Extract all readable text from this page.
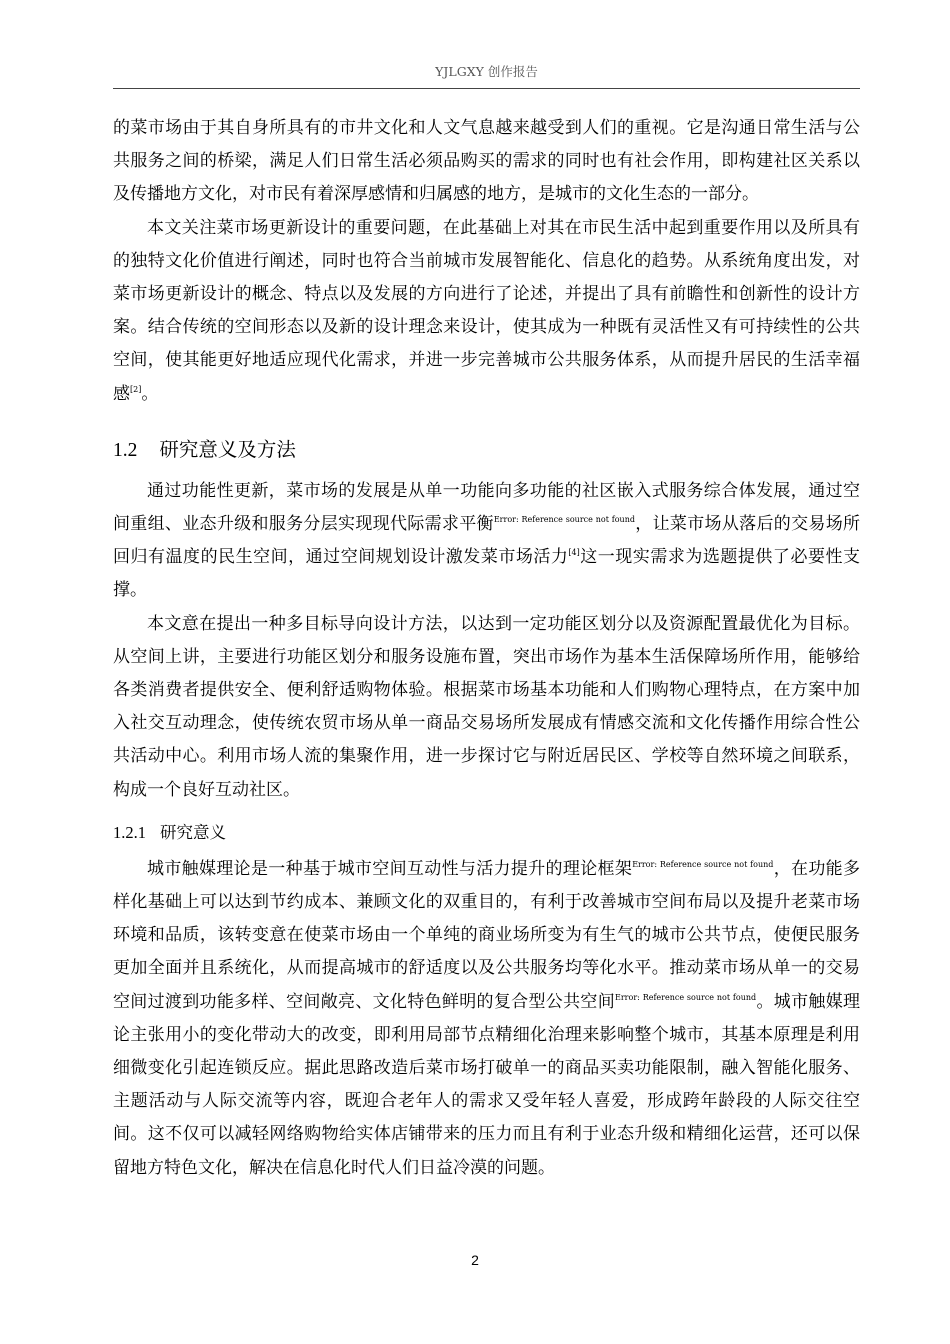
YJLGXY 创作报告

的菜市场由于其自身所具有的市井文化和人文气息越来越受到人们的重视。它是沟通日常生活与公共服务之间的桥梁，满足人们日常生活必须品购买的需求的同时也有社会作用，即构建社区关系以及传播地方文化，对市民有着深厚感情和归属感的地方，是城市的文化生态的一部分。

本文关注菜市场更新设计的重要问题，在此基础上对其在市民生活中起到重要作用以及所具有的独特文化价值进行阐述，同时也符合当前城市发展智能化、信息化的趋势。从系统角度出发，对菜市场更新设计的概念、特点以及发展的方向进行了论述，并提出了具有前瞻性和创新性的设计方案。结合传统的空间形态以及新的设计理念来设计，使其成为一种既有灵活性又有可持续性的公共空间，使其能更好地适应现代化需求，并进一步完善城市公共服务体系，从而提升居民的生活幸福感[2]。

1.2 研究意义及方法

通过功能性更新，菜市场的发展是从单一功能向多功能的社区嵌入式服务综合体发展，通过空间重组、业态升级和服务分层实现现代际需求平衡$^{Error: Reference source not found}$，让菜市场从落后的交易场所回归有温度的民生空间，通过空间规划设计激发菜市场活力[4]这一现实需求为选题提供了必要性支撑。

本文意在提出一种多目标导向设计方法，以达到一定功能区划分以及资源配置最优化为目标。从空间上讲，主要进行功能区划分和服务设施布置，突出市场作为基本生活保障场所作用，能够给各类消费者提供安全、便利舒适购物体验。根据菜市场基本功能和人们购物心理特点，在方案中加入社交互动理念，使传统农贸市场从单一商品交易场所发展成有情感交流和文化传播作用综合性公共活动中心。利用市场人流的集聚作用，进一步探讨它与附近居民区、学校等自然环境之间联系，构成一个良好互动社区。

1.2.1 研究意义

城市触媒理论是一种基于城市空间互动性与活力提升的理论框架$^{Error: Reference source not found}$，在功能多样化基础上可以达到节约成本、兼顾文化的双重目的，有利于改善城市空间布局以及提升老菜市场环境和品质，该转变意在使菜市场由一个单纯的商业场所变为有生气的城市公共节点，使便民服务更加全面并且系统化，从而提高城市的舒适度以及公共服务均等化水平。推动菜市场从单一的交易空间过渡到功能多样、空间敞亮、文化特色鲜明的复合型公共空间$^{Error: Reference source not found}$。城市触媒理论主张用小的变化带动大的改变，即利用局部节点精细化治理来影响整个城市，其基本原理是利用细微变化引起连锁反应。据此思路改造后菜市场打破单一的商品买卖功能限制，融入智能化服务、主题活动与人际交流等内容，既迎合老年人的需求又受年轻人喜爱，形成跨年龄段的人际交往空间。这不仅可以减轻网络购物给实体店铺带来的压力而且有利于业态升级和精细化运营，还可以保留地方特色文化，解决在信息化时代人们日益冷漠的问题。

2
